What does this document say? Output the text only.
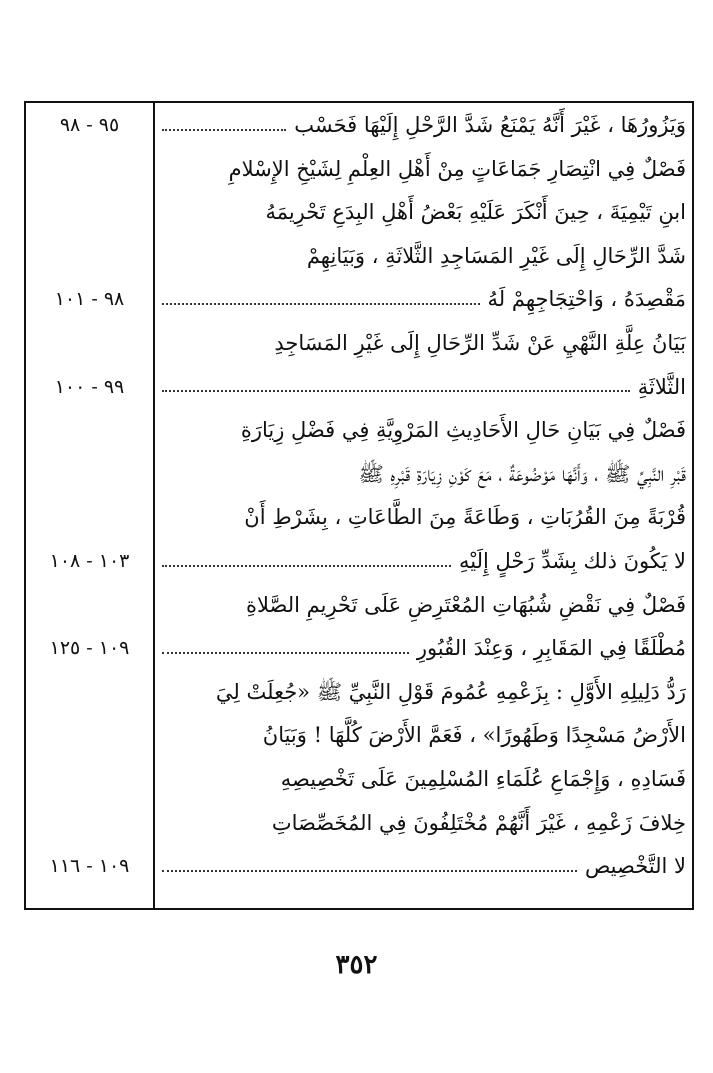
وَيَزُورُهَا ، غَيْرَ أَنَّهُ يَمْنَعُ شَدَّ الرَّحْلِ إِلَيْهَا فَحَسْب
فَصْلٌ فِي انْتِصَارِ جَمَاعَاتٍ مِنْ أَهْلِ العِلْمِ لِشَيْخِ الإِسْلامِ
ابنِ تَيْمِيَةَ ، حِينَ أَنْكَرَ عَلَيْهِ بَعْضُ أَهْلِ البِدَعِ تَحْرِيمَهُ
شَدَّ الرِّحَالِ إِلَى غَيْرِ المَسَاجِدِ الثَّلاثَةِ ، وَبَيَانِهِمْ
مَقْصِدَهُ ، وَاحْتِجَاجِهِمْ لَهُ
بَيَانُ عِلَّةِ النَّهْيِ عَنْ شَدِّ الرِّحَالِ إِلَى غَيْرِ المَسَاجِدِ
الثَّلاثَةِ
فَصْلٌ فِي بَيَانِ حَالِ الأَحَادِيثِ المَرْوِيَّةِ فِي فَضْلِ زِيَارَةِ
قَبْرِ النَّبِيِّ ﷺ ، وَأَنَّهَا مَوْضُوعَةٌ ، مَعَ كَوْنِ زِيَارَةِ قَبْرِهِ ﷺ
قُرْبَةً مِنَ القُرُبَاتِ ، وَطَاعَةً مِنَ الطَّاعَاتِ ، بِشَرْطِ أَنْ
لا يَكُونَ ذلك بِشَدِّ رَحْلٍ إِلَيْهِ
فَصْلٌ فِي نَقْضِ شُبُهَاتِ المُعْتَرِضِ عَلَى تَحْرِيمِ الصَّلاةِ
مُطْلَقًا فِي المَقَابِرِ ، وَعِنْدَ القُبُورِ
رَدُّ دَلِيلِهِ الأَوَّلِ : بِزَعْمِهِ عُمُومَ قَوْلِ النَّبِيِّ ﷺ «جُعِلَتْ لِيَ
الأَرْضُ مَسْجِدًا وَطَهُورًا» ، فَعَمَّ الأَرْضَ كُلَّهَا ! وَبَيَانُ
فَسَادِهِ ، وَإِجْمَاعِ عُلَمَاءِ المُسْلِمِينَ عَلَى تَخْصِيصِهِ
خِلافَ زَعْمِهِ ، غَيْرَ أَنَّهُمْ مُخْتَلِفُونَ فِي المُخَصِّصَاتِ
لا التَّخْصِيص
٩٥ - ٩٨
٩٨ - ١٠١
٩٩ - ١٠٠
١٠٣ - ١٠٨
١٠٩ - ١٢٥
١٠٩ - ١١٦
٣٥٢
